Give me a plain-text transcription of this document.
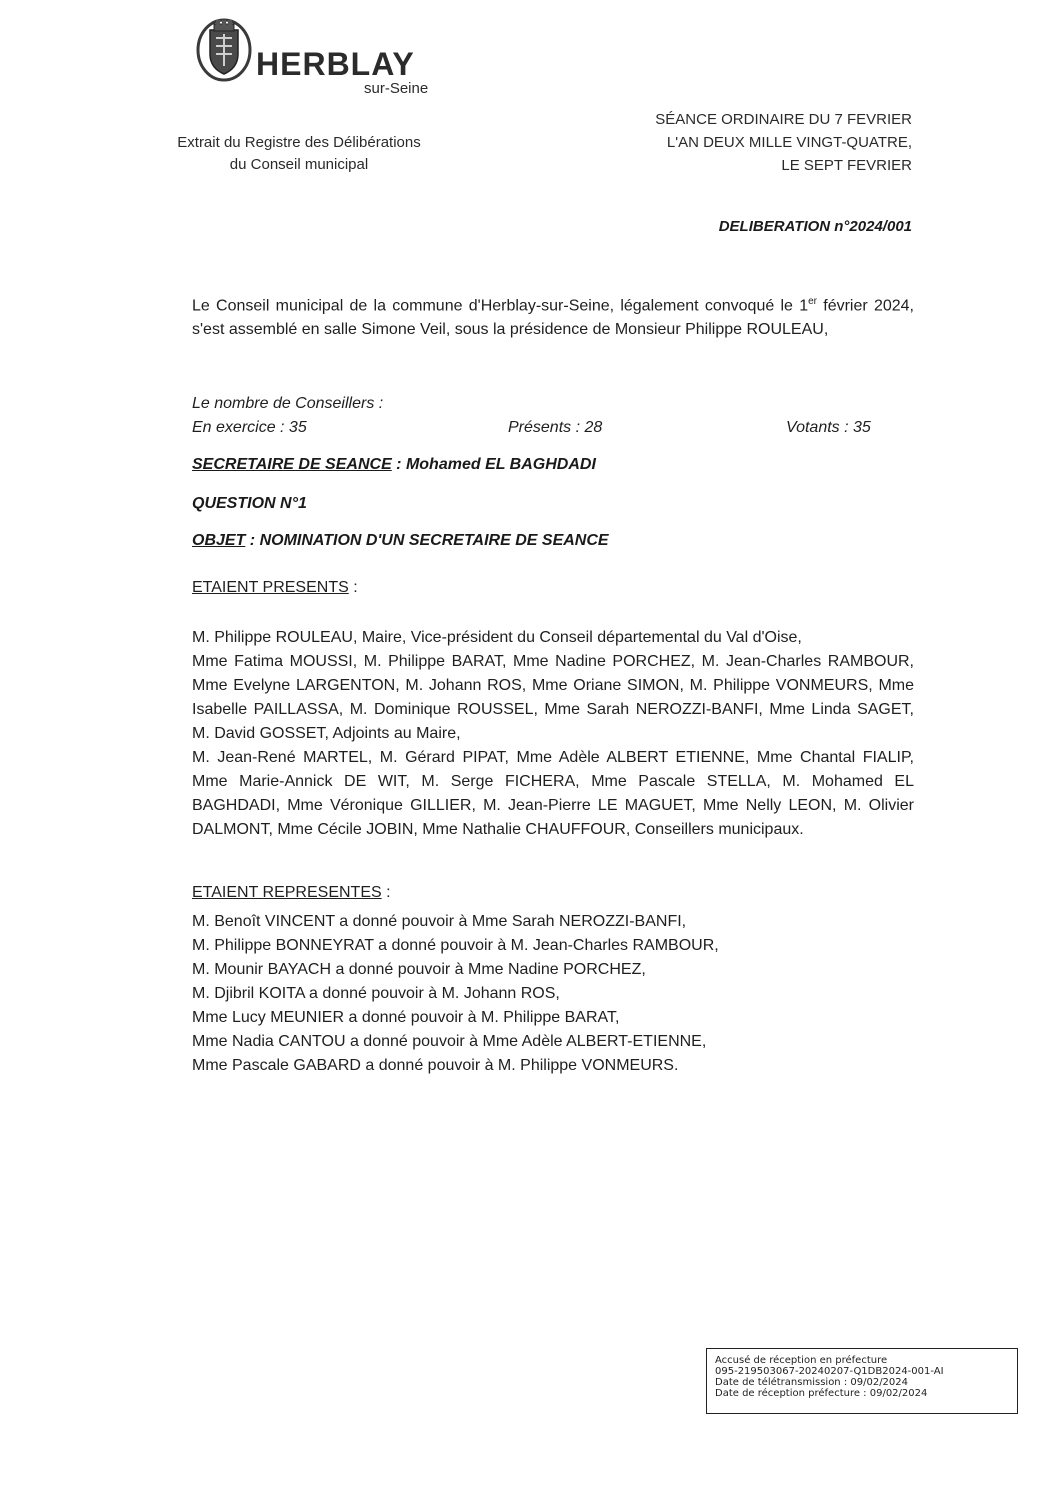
HERBLAY
sur-Seine
Extrait du Registre des Délibérations
du Conseil municipal
SÉANCE ORDINAIRE DU 7 FEVRIER
L'AN DEUX MILLE VINGT-QUATRE,
LE SEPT FEVRIER
DELIBERATION n°2024/001
Le Conseil municipal de la commune d'Herblay-sur-Seine, légalement convoqué le 1er février 2024, s'est assemblé en salle Simone Veil, sous la présidence de Monsieur Philippe ROULEAU,
Le nombre de Conseillers :
En exercice : 35	Présents : 28	Votants : 35
SECRETAIRE DE SEANCE : Mohamed EL BAGHDADI
QUESTION N°1
OBJET : NOMINATION D'UN SECRETAIRE DE SEANCE
ETAIENT PRESENTS :

M. Philippe ROULEAU, Maire, Vice-président du Conseil départemental du Val d'Oise,

Mme Fatima MOUSSI, M. Philippe BARAT, Mme Nadine PORCHEZ, M. Jean-Charles RAMBOUR, Mme Evelyne LARGENTON, M. Johann ROS, Mme Oriane SIMON, M. Philippe VONMEURS, Mme Isabelle PAILLASSA, M. Dominique ROUSSEL, Mme Sarah NEROZZI-BANFI, Mme Linda SAGET, M. David GOSSET, Adjoints au Maire,

M. Jean-René MARTEL, M. Gérard PIPAT, Mme Adèle ALBERT ETIENNE, Mme Chantal FIALIP, Mme Marie-Annick DE WIT, M. Serge FICHERA, Mme Pascale STELLA, M. Mohamed EL BAGHDADI, Mme Véronique GILLIER, M. Jean-Pierre LE MAGUET, Mme Nelly LEON, M. Olivier DALMONT, Mme Cécile JOBIN, Mme Nathalie CHAUFFOUR, Conseillers municipaux.

ETAIENT REPRESENTES :
M. Benoît VINCENT a donné pouvoir à Mme Sarah NEROZZI-BANFI,
M. Philippe BONNEYRAT a donné pouvoir à M. Jean-Charles RAMBOUR,
M. Mounir BAYACH a donné pouvoir à Mme Nadine PORCHEZ,
M. Djibril KOITA a donné pouvoir à M. Johann ROS,
Mme Lucy MEUNIER a donné pouvoir à M. Philippe BARAT,
Mme Nadia CANTOU a donné pouvoir à Mme Adèle ALBERT-ETIENNE,
Mme Pascale GABARD a donné pouvoir à M. Philippe VONMEURS.
Accusé de réception en préfecture
095-219503067-20240207-Q1DB2024-001-AI
Date de télétransmission : 09/02/2024
Date de réception préfecture : 09/02/2024
